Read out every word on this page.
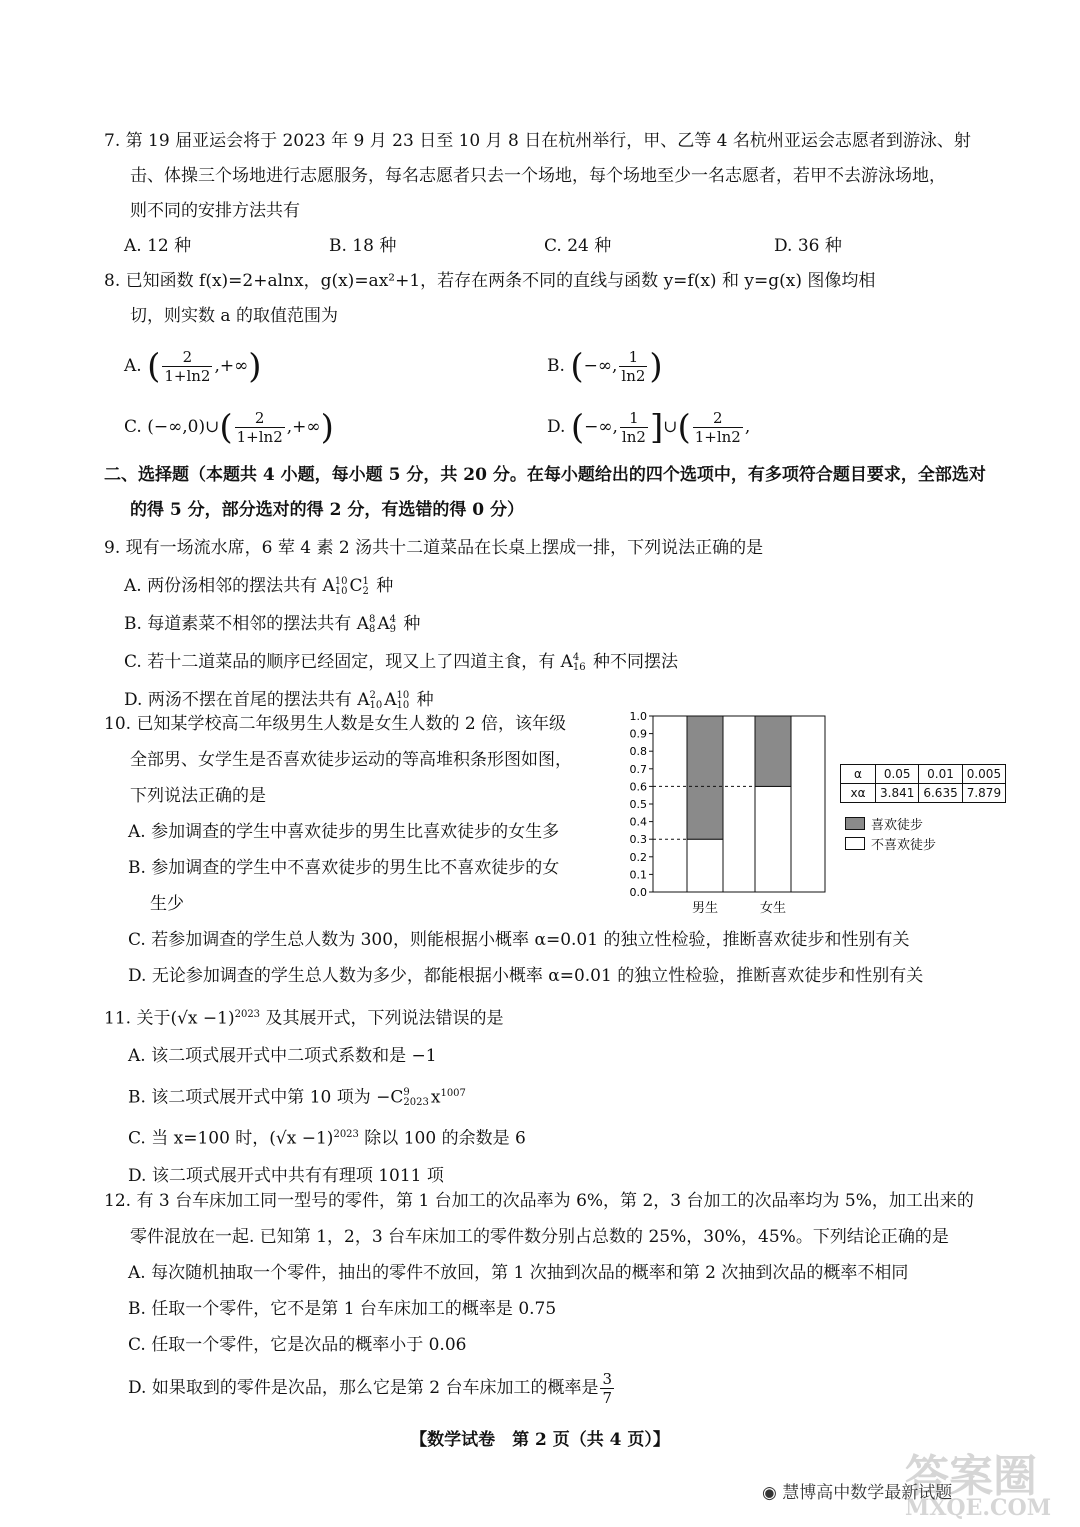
7. 第 19 届亚运会将于 2023 年 9 月 23 日至 10 月 8 日在杭州举行，甲、乙等 4 名杭州亚运会志愿者到游泳、射
击、体操三个场地进行志愿服务，每名志愿者只去一个场地，每个场地至少一名志愿者，若甲不去游泳场地，
则不同的安排方法共有
A. 12 种	B. 18 种	C. 24 种	D. 36 种
8. 已知函数 f(x)=2+alnx，g(x)=ax²+1，若存在两条不同的直线与函数 y=f(x) 和 y=g(x) 图像均相
切，则实数 a 的取值范围为
A. ( $\frac{2}{1+\ln 2}$ ,+∞)	B. (−∞, $\frac{1}{\ln 2}$ )
C. (−∞,0)∪( $\frac{2}{1+\ln 2}$ ,+∞)	D. (−∞, $\frac{1}{\ln 2}$ ]∪( $\frac{2}{1+\ln 2}$ ,
二、选择题（本题共 4 小题，每小题 5 分，共 20 分。在每小题给出的四个选项中，有多项符合题目要求，全部选对
的得 5 分，部分选对的得 2 分，有选错的得 0 分）
9. 现有一场流水席，6 荤 4 素 2 汤共十二道菜品在长桌上摆成一排，下列说法正确的是
A. 两份汤相邻的摆法共有 A 10
10 C 1
2 种
B. 每道素菜不相邻的摆法共有 A 8
8 A 4
9 种
C. 若十二道菜品的顺序已经固定，现又上了四道主食，有 A 4
16 种不同摆法
D. 两汤不摆在首尾的摆法共有 A 2
10 A 10
10 种
10. 已知某学校高二年级男生人数是女生人数的 2 倍，该年级
全部男、女学生是否喜欢徒步运动的等高堆积条形图如图，
下列说法正确的是
A. 参加调查的学生中喜欢徒步的男生比喜欢徒步的女生多
B. 参加调查的学生中不喜欢徒步的男生比不喜欢徒步的女
生少
C. 若参加调查的学生总人数为 300，则能根据小概率 α=0.01 的独立性检验，推断喜欢徒步和性别有关
D. 无论参加调查的学生总人数为多少，都能根据小概率 α=0.01 的独立性检验，推断喜欢徒步和性别有关
0.0
0.1
0.2
0.3
0.4
0.5
0.6
0.7
0.8
0.9
1.0
男生	女生
α	0.05	0.01	0.005
xα	3.841	6.635	7.879
喜欢徒步
不喜欢徒步
11. 关于$(√x -1)^{2023}$ 及其展开式，下列说法错误的是
A. 该二项式展开式中二项式系数和是 −1
B. 该二项式展开式中第 10 项为 −C 9
2023 $x^{1007}$
C. 当 x=100 时，$(√x -1)^{2023}$ 除以 100 的余数是 6
D. 该二项式展开式中共有有理项 1011 项
12. 有 3 台车床加工同一型号的零件，第 1 台加工的次品率为 6%，第 2，3 台加工的次品率均为 5%，加工出来的
零件混放在一起. 已知第 1，2，3 台车床加工的零件数分别占总数的 25%，30%，45%。下列结论正确的是
A. 每次随机抽取一个零件，抽出的零件不放回，第 1 次抽到次品的概率和第 2 次抽到次品的概率不相同
B. 任取一个零件，它不是第 1 台车床加工的概率是 0.75
C. 任取一个零件，它是次品的概率小于 0.06
D. 如果取到的零件是次品，那么它是第 2 台车床加工的概率是 $\frac{3}{7}$
【数学试卷　第 2 页（共 4 页）】
答案圈
MXQE.COM
◉ 慧博高中数学最新试题
